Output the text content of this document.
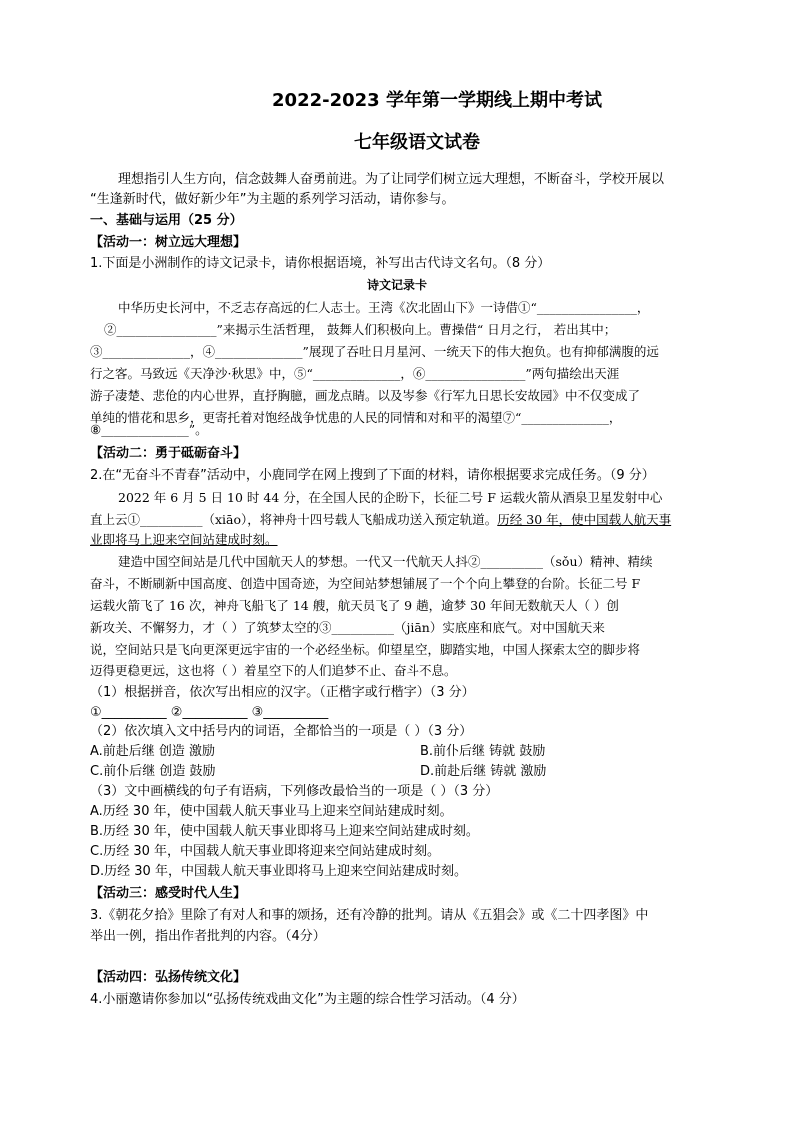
2022-2023 学年第一学期线上期中考试
七年级语文试卷
理想指引人生方向，信念鼓舞人奋勇前进。为了让同学们树立远大理想，不断奋斗，学校开展以
“生逢新时代，做好新少年”为主题的系列学习活动，请你参与。
一、基础与运用（25 分）
【活动一：树立远大理想】
1.下面是小洲制作的诗文记录卡，请你根据语境，补写出古代诗文名句。（8 分）
诗文记录卡
中华历史长河中，不乏志存高远的仁人志士。王湾《次北固山下》一诗借①“________________，
②________________”来揭示生活哲理， 鼓舞人们积极向上。曹操借“ 日月之行， 若出其中；
③______________，④______________”展现了吞吐日月星河、一统天下的伟大抱负。也有抑郁满腹的远
行之客。马致远《天净沙·秋思》中，⑤“______________，⑥________________”两句描绘出天涯
游子凄楚、悲伧的内心世界，直抒胸臆，画龙点睛。以及岑参《行军九日思长安故园》中不仅变成了
单纯的惜花和思乡，更寄托着对饱经战争忧患的人民的同情和对和平的渴望⑦“______________，
⑧______________”。
【活动二：勇于砥砺奋斗】
2.在“无奋斗不青春”活动中，小鹿同学在网上搜到了下面的材料，请你根据要求完成任务。（9 分）
2022 年 6 月 5 日 10 时 44 分，在全国人民的企盼下，长征二号 F 运载火箭从酒泉卫星发射中心
直上云①__________（xiāo），将神舟十四号载人飞船成功送入预定轨道。历经 30 年，使中国载人航天事
业即将马上迎来空间站建成时刻。
建造中国空间站是几代中国航天人的梦想。一代又一代航天人抖②__________（sǒu）精神、精续
奋斗，不断刷新中国高度、创造中国奇迹，为空间站梦想铺展了一个个向上攀登的台阶。长征二号 F
运载火箭飞了 16 次，神舟飞船飞了 14 艘，航天员飞了 9 趟，逾梦 30 年间无数航天人（ ）创
新攻关、不懈努力，才（ ）了筑梦太空的③__________（jiān）实底座和底气。对中国航天来
说，空间站只是飞向更深更远宇宙的一个必经坐标。仰望星空，脚踏实地，中国人探索太空的脚步将
迈得更稳更远，这也将（ ）着星空下的人们追梦不止、奋斗不息。
（1）根据拼音，依次写出相应的汉字。（正楷字或行楷字）（3 分）
①__________ ②__________ ③__________
（2）依次填入文中括号内的词语，全都恰当的一项是（ ）（3 分）
A.前赴后继 创造 激励	B.前仆后继 铸就 鼓励
C.前仆后继 创造 鼓励	D.前赴后继 铸就 激励
（3）文中画横线的句子有语病，下列修改最恰当的一项是（ ）（3 分）
A.历经 30 年，使中国载人航天事业马上迎来空间站建成时刻。
B.历经 30 年，使中国载人航天事业即将马上迎来空间站建成时刻。
C.历经 30 年，中国载人航天事业即将迎来空间站建成时刻。
D.历经 30 年，中国载人航天事业即将马上迎来空间站建成时刻。
【活动三：感受时代人生】
3.《朝花夕拾》里除了有对人和事的颂扬，还有冷静的批判。请从《五猖会》或《二十四孝图》中
举出一例，指出作者批判的内容。（4分）
【活动四：弘扬传统文化】
4.小丽邀请你参加以“弘扬传统戏曲文化”为主题的综合性学习活动。（4 分）
